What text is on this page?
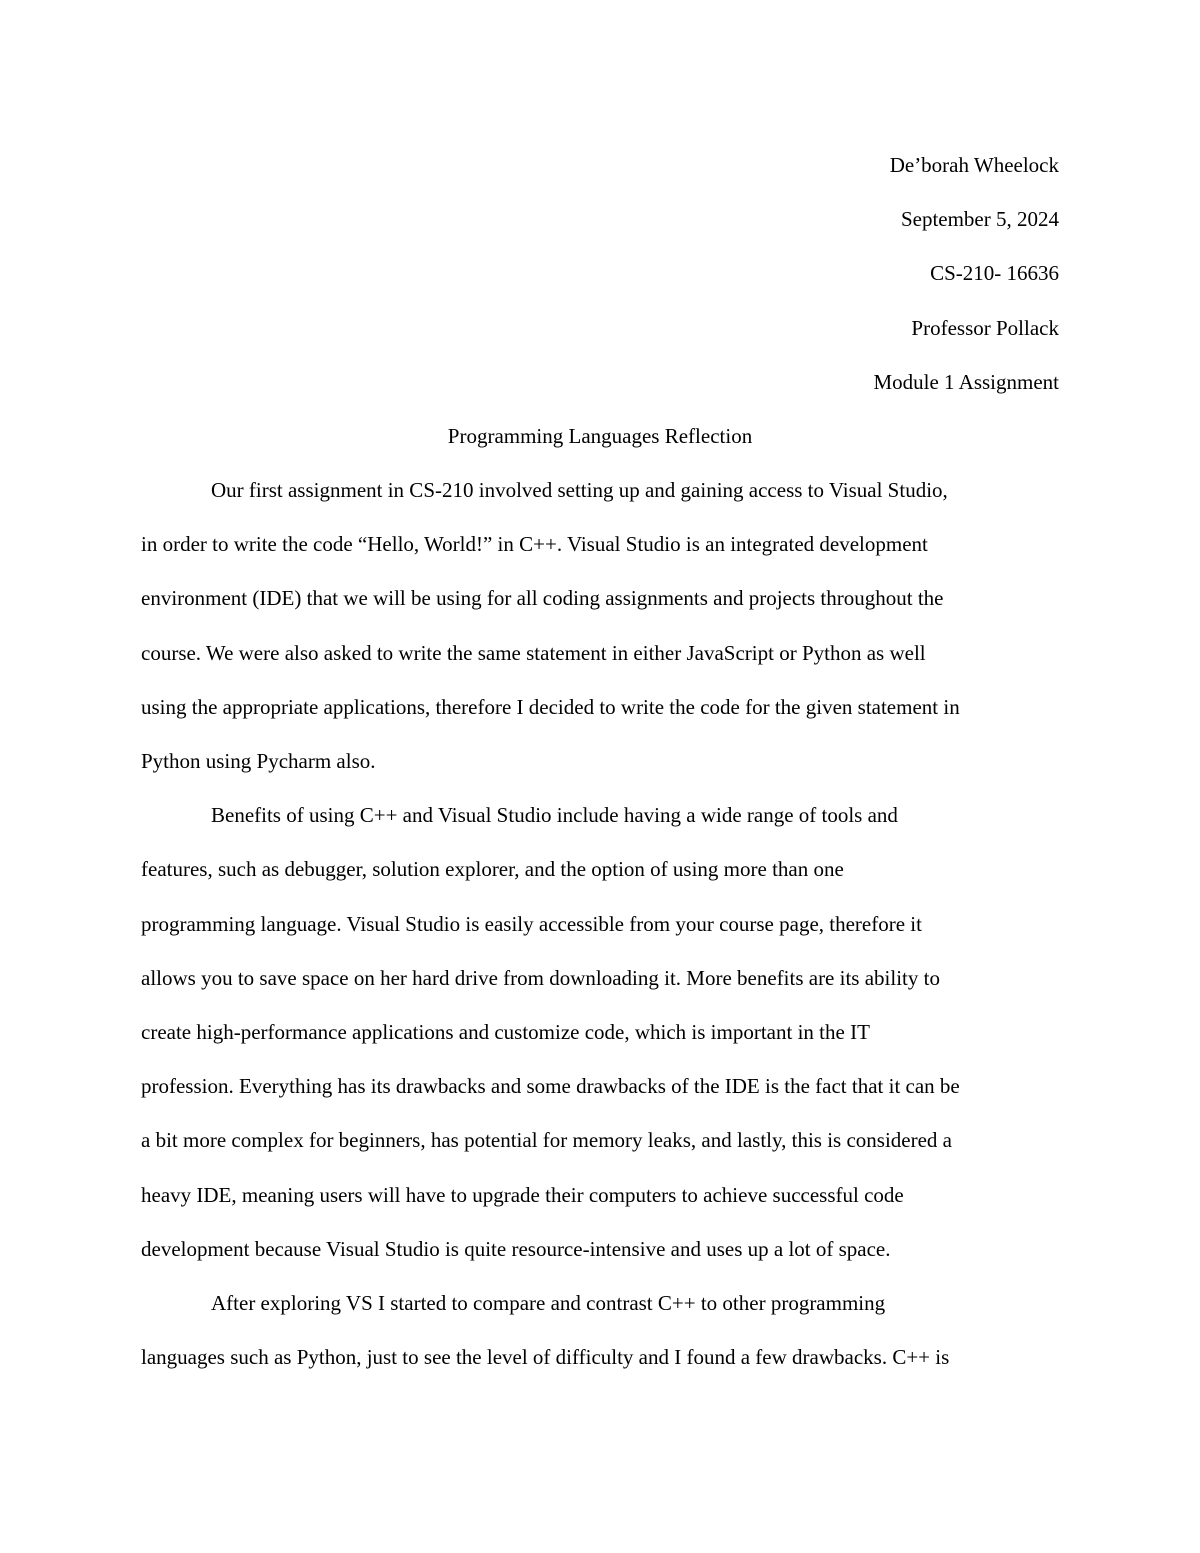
De’borah Wheelock
September 5, 2024
CS-210- 16636
Professor Pollack
Module 1 Assignment
Programming Languages Reflection

Our first assignment in CS-210 involved setting up and gaining access to Visual Studio,
in order to write the code “Hello, World!” in C++. Visual Studio is an integrated development
environment (IDE) that we will be using for all coding assignments and projects throughout the
course. We were also asked to write the same statement in either JavaScript or Python as well
using the appropriate applications, therefore I decided to write the code for the given statement in
Python using Pycharm also.

Benefits of using C++ and Visual Studio include having a wide range of tools and
features, such as debugger, solution explorer, and the option of using more than one
programming language. Visual Studio is easily accessible from your course page, therefore it
allows you to save space on her hard drive from downloading it. More benefits are its ability to
create high-performance applications and customize code, which is important in the IT
profession. Everything has its drawbacks and some drawbacks of the IDE is the fact that it can be
a bit more complex for beginners, has potential for memory leaks, and lastly, this is considered a
heavy IDE, meaning users will have to upgrade their computers to achieve successful code
development because Visual Studio is quite resource-intensive and uses up a lot of space.

After exploring VS I started to compare and contrast C++ to other programming
languages such as Python, just to see the level of difficulty and I found a few drawbacks. C++ is
